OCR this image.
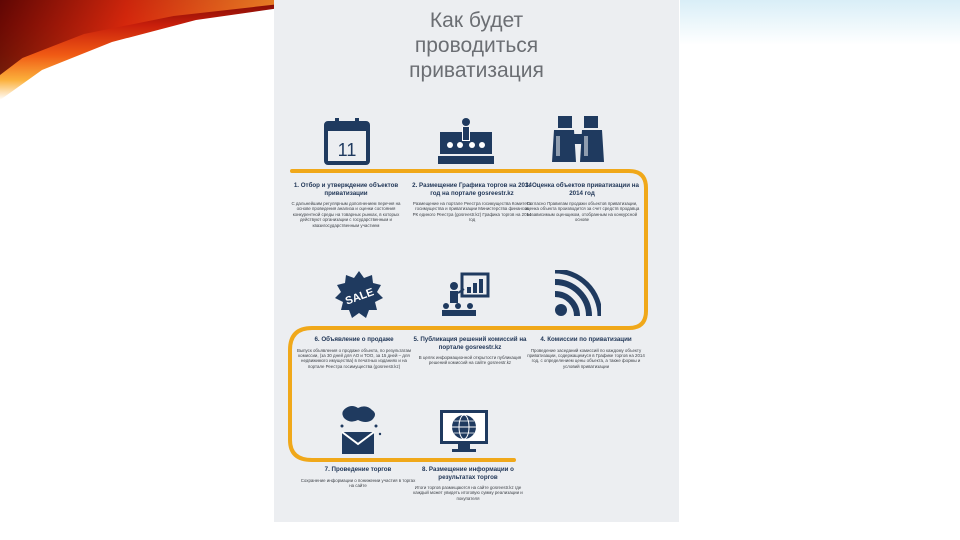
Как будет
проводиться
приватизация
11
SALE
1. Отбор и утверждение объектов приватизации

С дальнейшим регулярным дополнением перечня на основе проведения анализа и оценки состояния конкурентной среды на товарных рынках, в которых действуют организации с государственным и квазигосударственным участием

2. Размещение Графика торгов на 2014 год на портале gosreestr.kz

Размещение на портале Реестра госимущества Комитета госимущества и приватизации Министерства финансов РК единого Реестра (gosreestr.kz) Графика торгов на 2014 год

3. Оценка объектов приватизации на 2014 год

Согласно Правилам продажи объектов приватизации, оценка объекта производится за счет средств продавца независимым оценщиком, отобранным на конкурсной основе

4. Комиссии по приватизации

Проведение заседаний комиссий по каждому объекту приватизации, содержащемуся в Графике торгов на 2014 год, с определением цены объекта, а также формы и условий приватизации

5. Публикация решений комиссий на портале gosreestr.kz

В целях информационной открытости публикация решений комиссий на сайте gosreestr.kz

6. Объявление о продаже

Выпуск объявления о продаже объекта, по результатам комиссии, (за 30 дней для АО и ТОО, за 15 дней – для недвижимого имущества) в печатных изданиях и на портале Реестра госимущества (gosreestr.kz)

7. Проведение торгов

Сохранение информации о понижении участия в торгах на сайте

8. Размещение информации о результатах торгов

Итоги торгов размещаются на сайте gosreestr.kz где каждый может увидеть итоговую сумму реализации и покупателя
